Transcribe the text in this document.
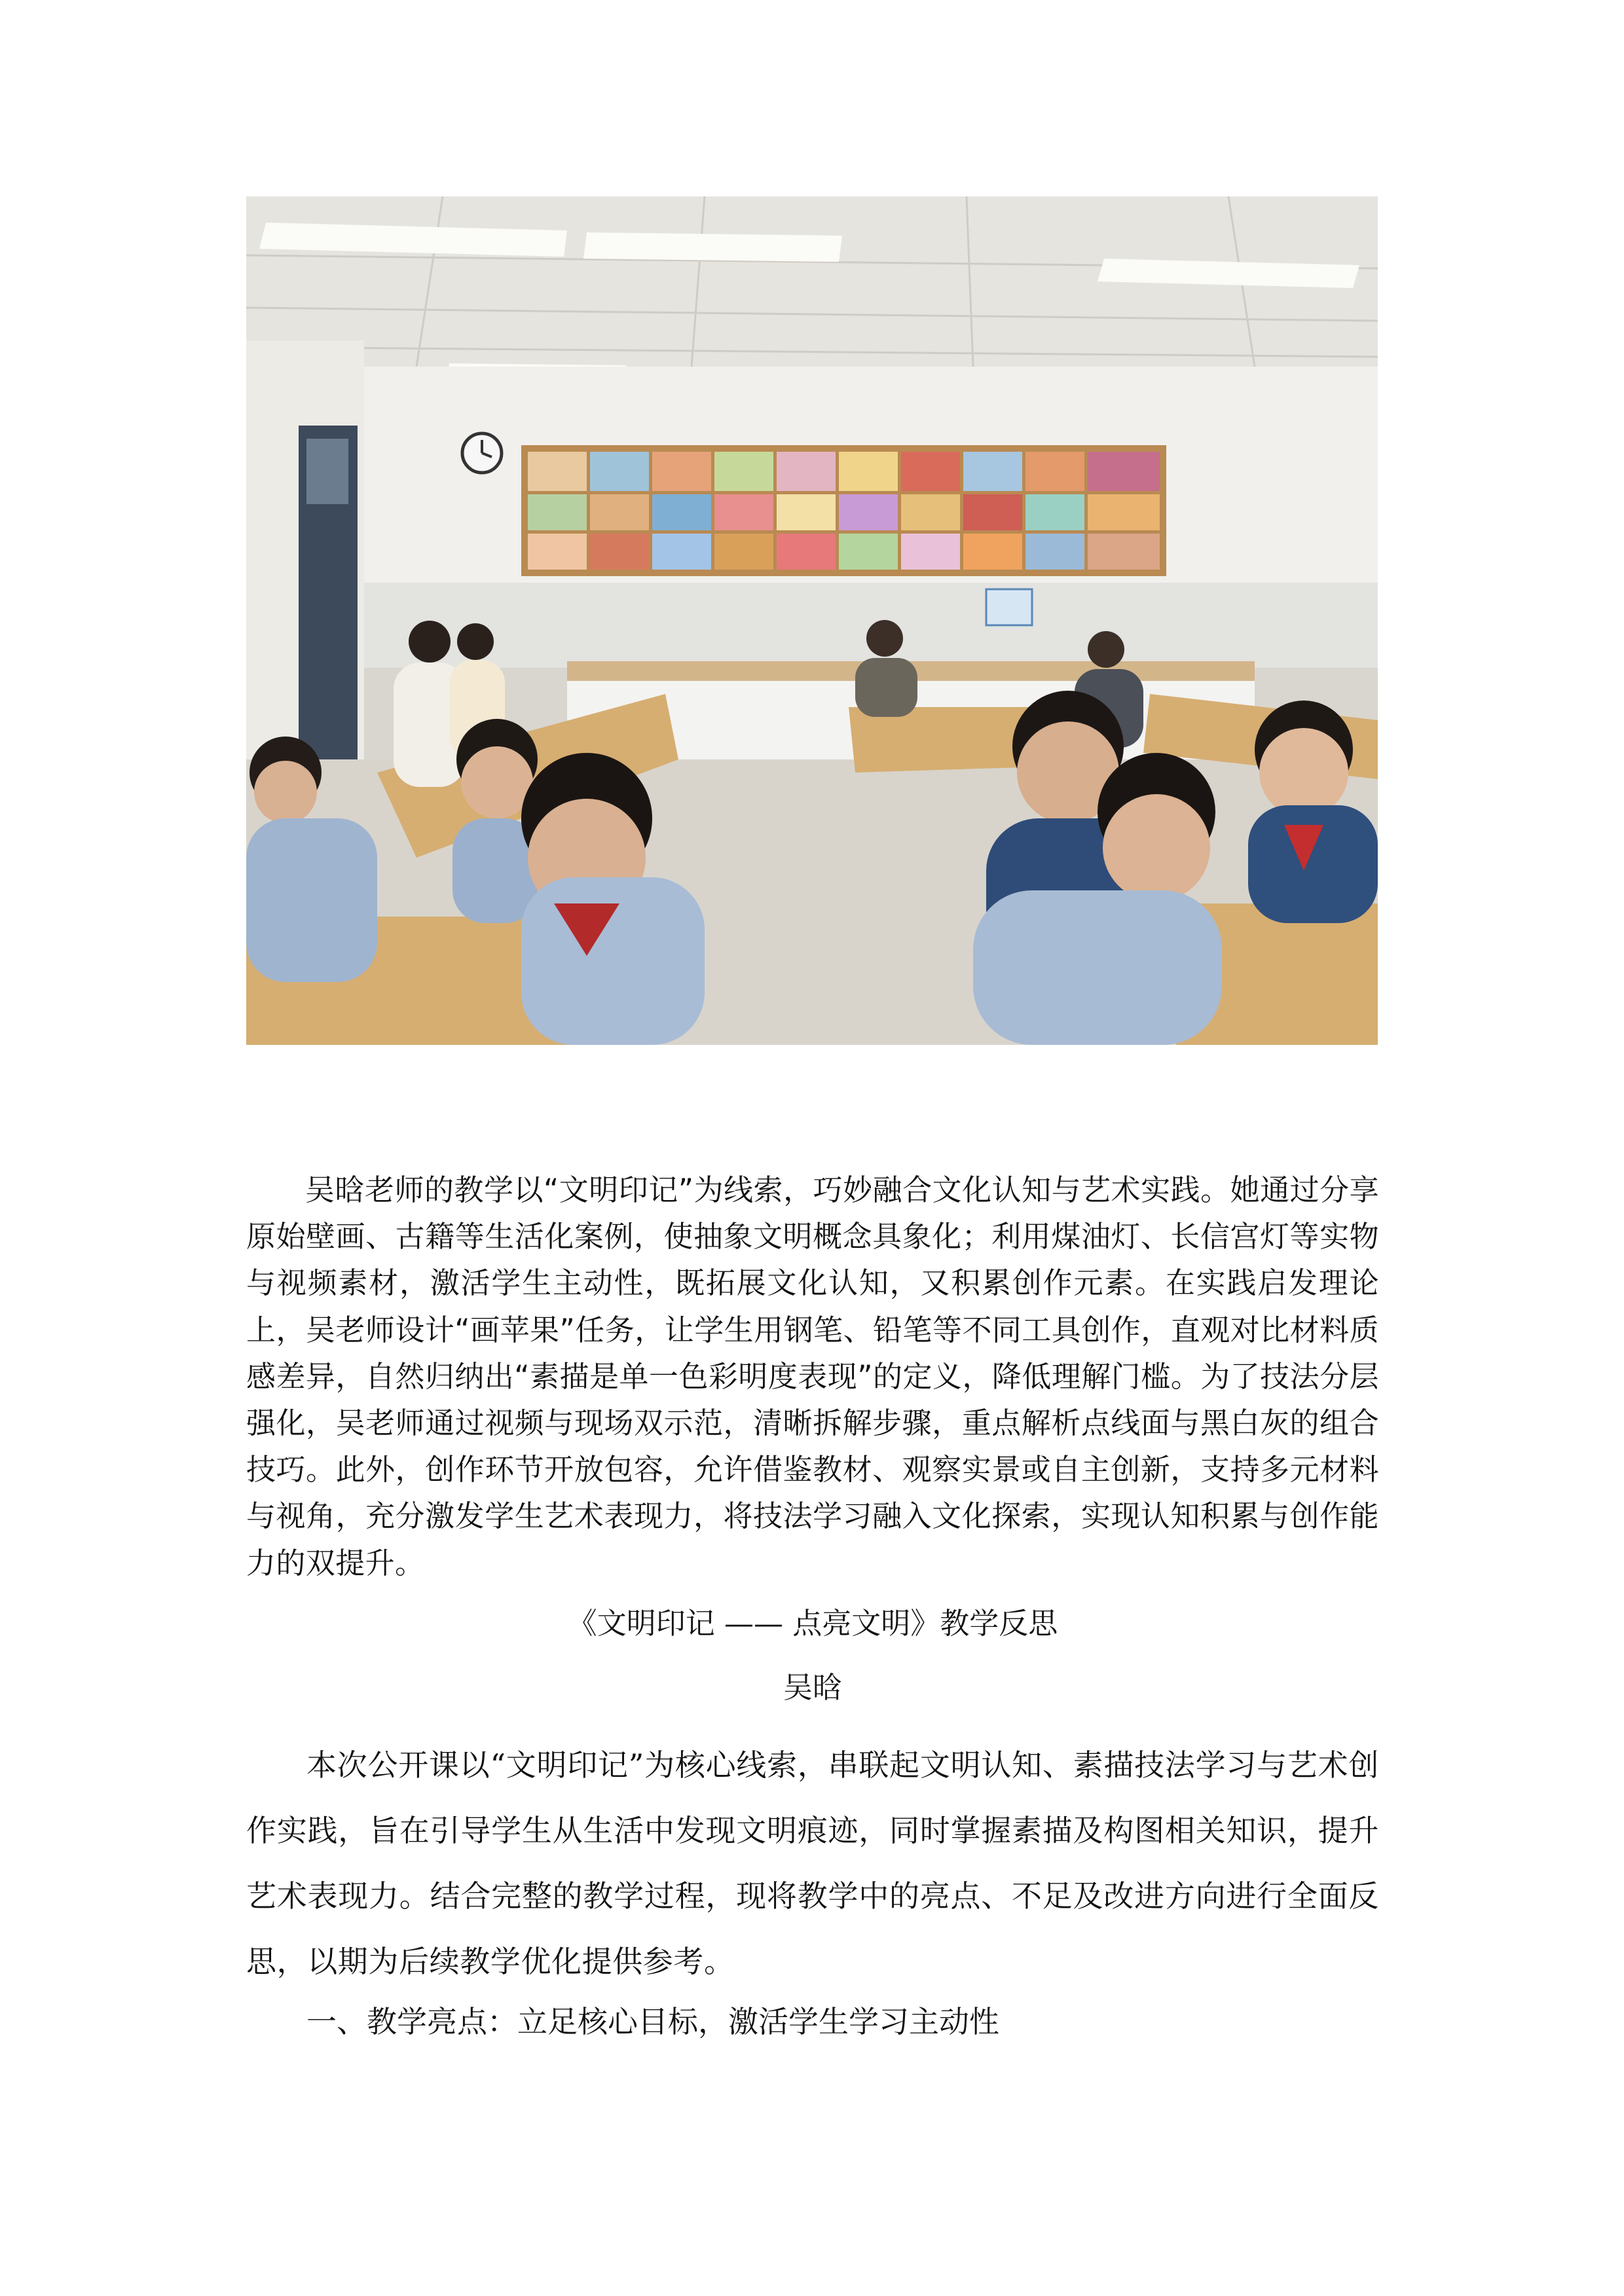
吴晗老师的教学以“文明印记”为线索，巧妙融合文化认知与艺术实践。她通过分享原始壁画、古籍等生活化案例，使抽象文明概念具象化；利用煤油灯、长信宫灯等实物与视频素材，激活学生主动性，既拓展文化认知，又积累创作元素。在实践启发理论上，吴老师设计“画苹果”任务，让学生用钢笔、铅笔等不同工具创作，直观对比材料质感差异，自然归纳出“素描是单一色彩明度表现”的定义，降低理解门槛。为了技法分层强化，吴老师通过视频与现场双示范，清晰拆解步骤，重点解析点线面与黑白灰的组合技巧。此外，创作环节开放包容，允许借鉴教材、观察实景或自主创新，支持多元材料与视角，充分激发学生艺术表现力，将技法学习融入文化探索，实现认知积累与创作能力的双提升。

《文明印记 —— 点亮文明》教学反思

吴晗

本次公开课以“文明印记”为核心线索，串联起文明认知、素描技法学习与艺术创作实践，旨在引导学生从生活中发现文明痕迹，同时掌握素描及构图相关知识，提升艺术表现力。结合完整的教学过程，现将教学中的亮点、不足及改进方向进行全面反思，以期为后续教学优化提供参考。

一、教学亮点：立足核心目标，激活学生学习主动性
